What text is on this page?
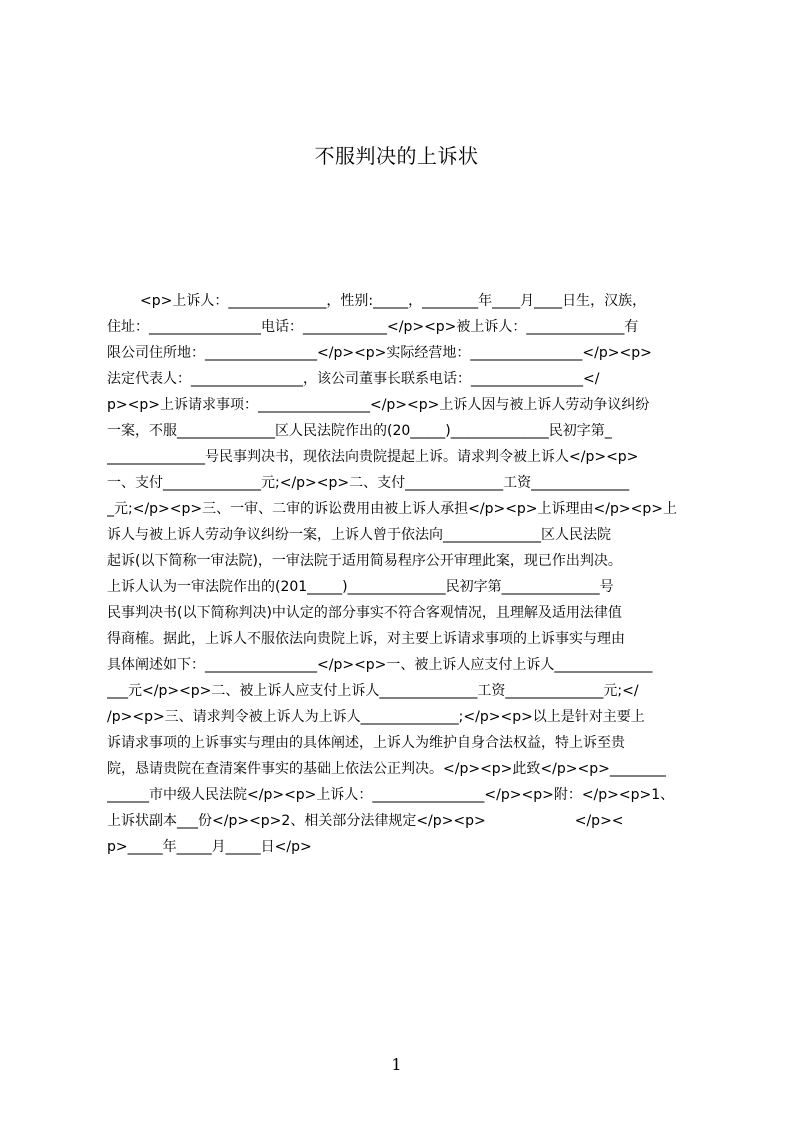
不服判决的上诉状
<p>上诉人：______________，性别:_____，________年____月____日生，汉族，
住址：________________电话：____________</p><p>被上诉人：______________有
限公司住所地：________________</p><p>实际经营地：________________</p><p>
法定代表人：________________，该公司董事长联系电话：________________</
p><p>上诉请求事项：________________</p><p>上诉人因与被上诉人劳动争议纠纷
一案，不服______________区人民法院作出的(20_____)______________民初字第_
______________号民事判决书，现依法向贵院提起上诉。请求判令被上诉人</p><p>
一、支付______________元;</p><p>二、支付______________工资______________
_元;</p><p>三、一审、二审的诉讼费用由被上诉人承担</p><p>上诉理由</p><p>上
诉人与被上诉人劳动争议纠纷一案，上诉人曾于依法向______________区人民法院
起诉(以下简称一审法院)，一审法院于适用简易程序公开审理此案，现已作出判决。
上诉人认为一审法院作出的(201_____)______________民初字第______________号
民事判决书(以下简称判决)中认定的部分事实不符合客观情况，且理解及适用法律值
得商榷。据此，上诉人不服依法向贵院上诉，对主要上诉请求事项的上诉事实与理由
具体阐述如下：________________</p><p>一、被上诉人应支付上诉人______________
___元</p><p>二、被上诉人应支付上诉人______________工资______________元;</
/p><p>三、请求判令被上诉人为上诉人______________;</p><p>以上是针对主要上
诉请求事项的上诉事实与理由的具体阐述，上诉人为维护自身合法权益，特上诉至贵
院，恳请贵院在查清案件事实的基础上依法公正判决。</p><p>此致</p><p>________
______市中级人民法院</p><p>上诉人：________________</p><p>附：</p><p>1、
上诉状副本___份</p><p>2、相关部分法律规定</p><p>                    </p><
p>_____年_____月_____日</p>
1
